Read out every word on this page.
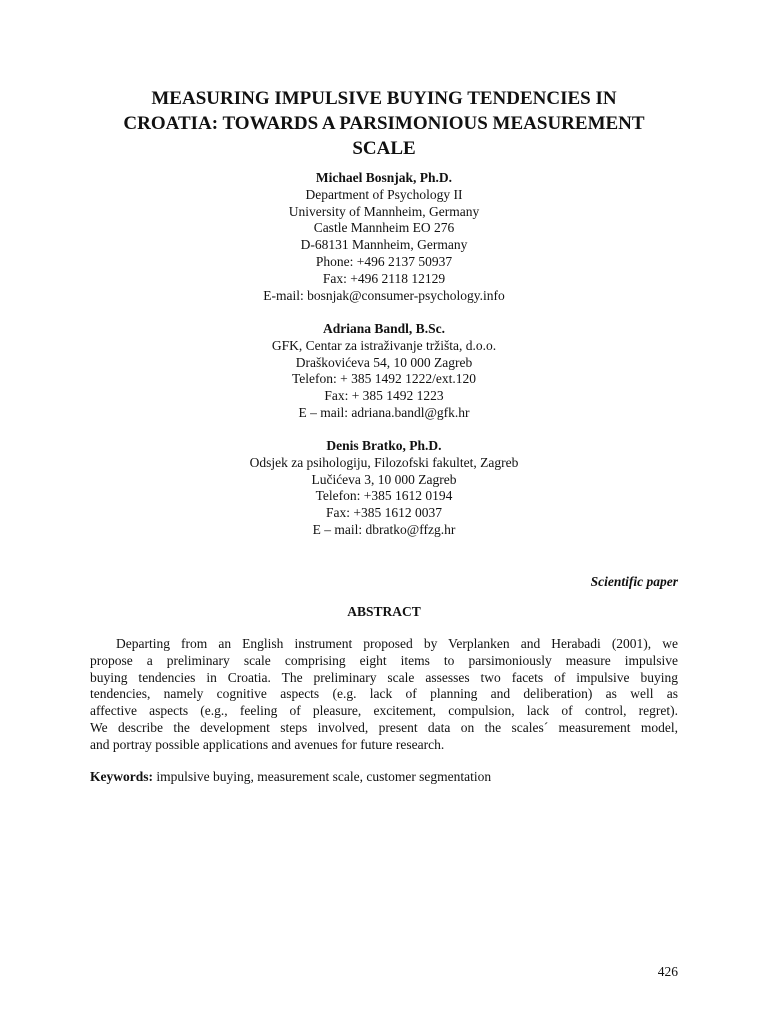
MEASURING IMPULSIVE BUYING TENDENCIES IN
CROATIA: TOWARDS A PARSIMONIOUS MEASUREMENT
SCALE
Michael Bosnjak, Ph.D.
Department of Psychology II
University of Mannheim, Germany
Castle Mannheim EO 276
D-68131 Mannheim, Germany
Phone: +496 2137 50937
Fax: +496 2118 12129
E-mail: bosnjak@consumer-psychology.info
Adriana Bandl, B.Sc.
GFK, Centar za istraživanje tržišta, d.o.o.
Draškovićeva 54, 10 000 Zagreb
Telefon: + 385 1492 1222/ext.120
Fax: + 385 1492 1223
E – mail: adriana.bandl@gfk.hr
Denis Bratko, Ph.D.
Odsjek za psihologiju, Filozofski fakultet, Zagreb
Lučićeva 3, 10 000 Zagreb
Telefon: +385 1612 0194
Fax: +385 1612 0037
E – mail: dbratko@ffzg.hr
Scientific paper
ABSTRACT
Departing from an English instrument proposed by Verplanken and Herabadi (2001), we
propose a preliminary scale comprising eight items to parsimoniously measure impulsive
buying tendencies in Croatia. The preliminary scale assesses two facets of impulsive buying
tendencies, namely cognitive aspects (e.g. lack of planning and deliberation) as well as
affective aspects (e.g., feeling of pleasure, excitement, compulsion, lack of control, regret).
We describe the development steps involved, present data on the scales´ measurement model,
and portray possible applications and avenues for future research.
Keywords: impulsive buying, measurement scale, customer segmentation
426
